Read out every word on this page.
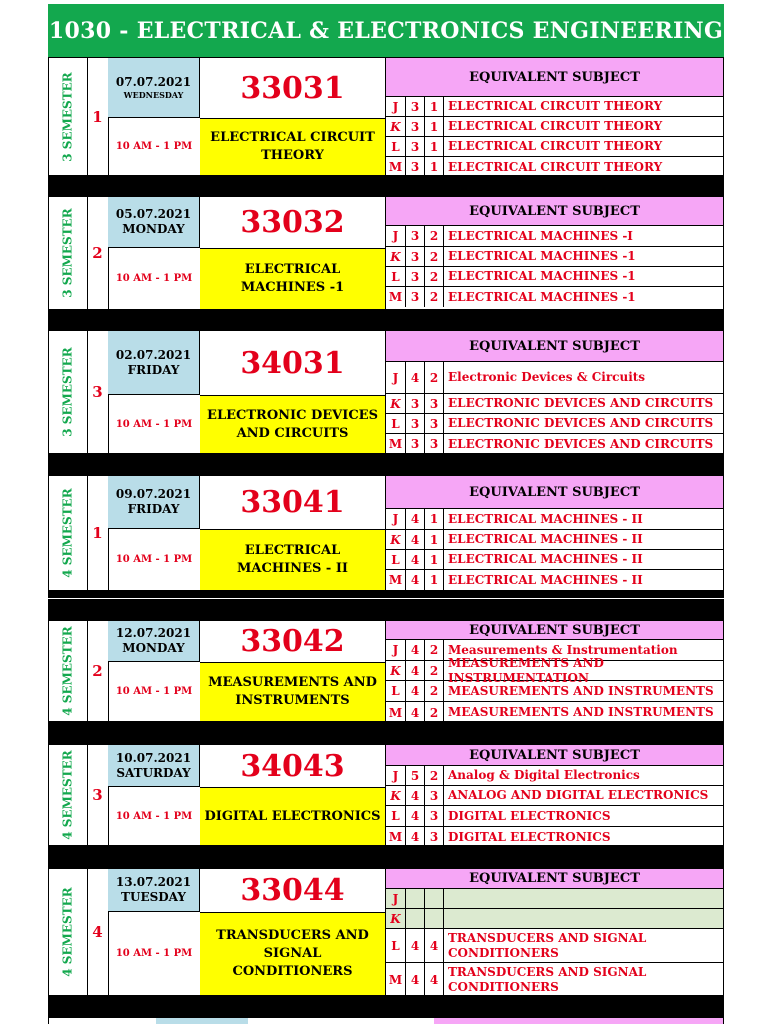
1030 - ELECTRICAL & ELECTRONICS ENGINEERING
3 SEMESTER	1
07.07.2021
WEDNESDAY
10 AM - 1 PM
33031
ELECTRICAL CIRCUIT THEORY
EQUIVALENT SUBJECT
J	3 1 ELECTRICAL CIRCUIT THEORY
K 3 1 ELECTRICAL CIRCUIT THEORY
L 3 1 ELECTRICAL CIRCUIT THEORY
M 3 1 ELECTRICAL CIRCUIT THEORY
3 SEMESTER	2
05.07.2021
MONDAY
10 AM - 1 PM
33032
ELECTRICAL MACHINES -1
EQUIVALENT SUBJECT
J	3 2 ELECTRICAL MACHINES -I
K 3 2 ELECTRICAL MACHINES -1
L 3 2 ELECTRICAL MACHINES -1
M 3 2 ELECTRICAL MACHINES -1
3 SEMESTER	3
02.07.2021
FRIDAY
10 AM - 1 PM
34031
ELECTRONIC DEVICES AND CIRCUITS
EQUIVALENT SUBJECT
J	4 2 Electronic Devices & Circuits
K 3 3 ELECTRONIC DEVICES AND CIRCUITS
L 3 3 ELECTRONIC DEVICES AND CIRCUITS
M 3 3 ELECTRONIC DEVICES AND CIRCUITS
4 SEMESTER	1
09.07.2021
FRIDAY
10 AM - 1 PM
33041
ELECTRICAL MACHINES - II
EQUIVALENT SUBJECT
J	4 1 ELECTRICAL MACHINES - II
K 4 1 ELECTRICAL MACHINES - II
L 4 1 ELECTRICAL MACHINES - II
M 4 1 ELECTRICAL MACHINES - II
4 SEMESTER	2
12.07.2021
MONDAY
10 AM - 1 PM
33042
MEASUREMENTS AND INSTRUMENTS
EQUIVALENT SUBJECT
J	4 2 Measurements & Instrumentation
K 4 2
MEASUREMENTS AND INSTRUMENTATION
L 4 2 MEASUREMENTS AND INSTRUMENTS
M 4 2 MEASUREMENTS AND INSTRUMENTS
4 SEMESTER	3
10.07.2021
SATURDAY
10 AM - 1 PM
34043
DIGITAL ELECTRONICS
EQUIVALENT SUBJECT
J	5 2 Analog & Digital Electronics
K 4 3 ANALOG AND DIGITAL ELECTRONICS
L 4 3 DIGITAL ELECTRONICS
M 4 3 DIGITAL ELECTRONICS
4 SEMESTER	4
13.07.2021
TUESDAY
10 AM - 1 PM
33044
TRANSDUCERS AND SIGNAL CONDITIONERS
EQUIVALENT SUBJECT
J
K
L 4 4
TRANSDUCERS AND SIGNAL CONDITIONERS
M 4 4
TRANSDUCERS AND SIGNAL CONDITIONERS
